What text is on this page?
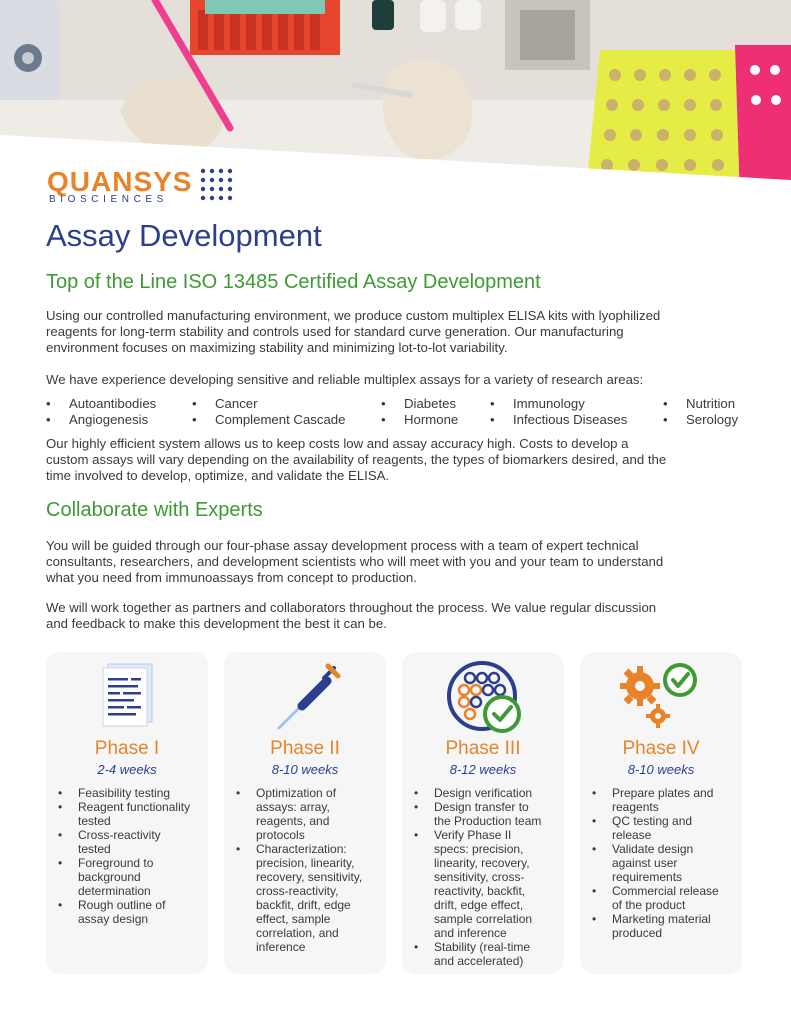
QUANSYS
BIOSCIENCES
Assay Development
Top of the Line ISO 13485 Certified Assay Development

Using our controlled manufacturing environment, we produce custom multiplex ELISA kits with lyophilized
reagents for long-term stability and controls used for standard curve generation. Our manufacturing
environment focuses on maximizing stability and minimizing lot-to-lot variability.

We have experience developing sensitive and reliable multiplex assays for a variety of research areas:

• Autoantibodies	• Cancer	• Diabetes	• Immunology	• Nutrition
• Angiogenesis	• Complement Cascade	• Hormone • Infectious Diseases	• Serology

Our highly efficient system allows us to keep costs low and assay accuracy high. Costs to develop a
custom assays will vary depending on the availability of reagents, the types of biomarkers desired, and the
time involved to develop, optimize, and validate the ELISA.

Collaborate with Experts

You will be guided through our four-phase assay development process with a team of expert technical
consultants, researchers, and development scientists who will meet with you and your team to understand
what you need from immunoassays from concept to production.

We will work together as partners and collaborators throughout the process. We value regular discussion
and feedback to make this development the best it can be.

Phase I
2-4 weeks
• Feasibility testing
• Reagent functionality
tested
• Cross-reactivity
tested
• Foreground to
background
determination
• Rough outline of
assay design
Phase II
8-10 weeks
• Optimization of
assays: array,
reagents, and
protocols
• Characterization:
precision, linearity,
recovery, sensitivity,
cross-reactivity,
backfit, drift, edge
effect, sample
correlation, and
inference
Phase III
8-12 weeks
• Design verification
• Design transfer to
the Production team
• Verify Phase II
specs: precision,
linearity, recovery,
sensitivity, cross-
reactivity, backfit,
drift, edge effect,
sample correlation
and inference
• Stability (real-time
and accelerated)
Phase IV
8-10 weeks
• Prepare plates and
reagents
• QC testing and
release
• Validate design
against user
requirements
• Commercial release
of the product
• Marketing material
produced
